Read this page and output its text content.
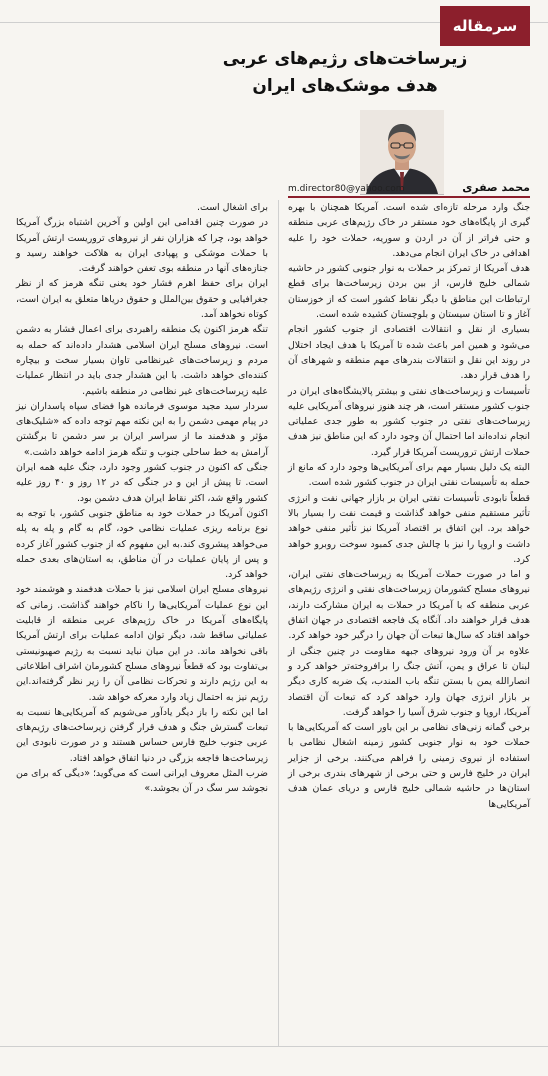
سرمقاله
زیرساخت‌های رژیم‌های عربی
هدف موشک‌های ایران
محمد صفری
m.director80@yahoo.com

جنگ وارد مرحله تازه‌ای شده است. آمریکا همچنان با بهره گیری از پایگاه‌های خود مستقر در خاک رژیم‌های عربی منطقه و حتی فراتر از آن در اردن و سوریه، حملات خود را علیه اهدافی در خاک ایران انجام می‌دهد.

هدف آمریکا از تمرکز بر حملات به نوار جنوبی کشور در حاشیه شمالی خلیج فارس، از بین بردن زیرساخت‌ها برای قطع ارتباطات این مناطق با دیگر نقاط کشور است که از خوزستان آغاز و تا استان سیستان و بلوچستان کشیده شده است.

بسیاری از نقل و انتقالات اقتصادی از جنوب کشور انجام می‌شود و همین امر باعث شده تا آمریکا با هدف ایجاد اختلال در روند این نقل و انتقالات بندرهای مهم منطقه و شهرهای آن را هدف قرار دهد.

تأسیسات و زیرساخت‌های نفتی و بیشتر پالایشگاه‌های ایران در جنوب کشور مستقر است، هر چند هنوز نیروهای آمریکایی علیه زیرساخت‌های نفتی در جنوب کشور به طور جدی عملیاتی انجام نداده‌اند اما احتمال آن وجود دارد که این مناطق نیز هدف حملات ارتش تروریست آمریکا قرار گیرد.

البته یک دلیل بسیار مهم برای آمریکایی‌ها وجود دارد که مانع از حمله به تأسیسات نفتی ایران در جنوب کشور شده است.

قطعاً نابودی تأسیسات نفتی ایران بر بازار جهانی نفت و انرژی تأثیر مستقیم منفی خواهد گذاشت و قیمت نفت را بسیار بالا خواهد برد. این اتفاق بر اقتصاد آمریکا نیز تأثیر منفی خواهد داشت و اروپا را نیز با چالش جدی کمبود سوخت روبرو خواهد کرد.

و اما در صورت حملات آمریکا به زیرساخت‌های نفتی ایران، نیروهای مسلح کشورمان زیرساخت‌های نفتی و انرژی رژیم‌های عربی منطقه که با آمریکا در حملات به ایران مشارکت دارند، هدف قرار خواهند داد. آنگاه یک فاجعه اقتصادی در جهان اتفاق خواهد افتاد که سال‌ها تبعات آن جهان را درگیر خود خواهد کرد.

علاوه بر آن ورود نیروهای جبهه مقاومت در چنین جنگی از لبنان تا عراق و یمن، آتش جنگ را برافروخته‌تر خواهد کرد و انصارالله یمن با بستن تنگه باب المندب، یک ضربه کاری دیگر بر بازار انرژی جهان وارد خواهد کرد که تبعات آن اقتصاد آمریکا، اروپا و جنوب شرق آسیا را خواهد گرفت.

برخی گمانه زنی‌های نظامی بر این باور است که آمریکایی‌ها با حملات خود به نوار جنوبی کشور زمینه اشغال نظامی با استفاده از نیروی زمینی را فراهم می‌کنند. برخی از جزایر ایران در خلیج فارس و حتی برخی از شهرهای بندری برخی از استان‌ها در حاشیه شمالی خلیج فارس و دریای عمان هدف آمریکایی‌ها

برای اشغال است.

در صورت چنین اقدامی این اولین و آخرین اشتباه بزرگ آمریکا خواهد بود، چرا که هزاران نفر از نیروهای تروریست ارتش آمریکا با حملات موشکی و پهپادی ایران به هلاکت خواهند رسید و جنازه‌های آنها در منطقه بوی تعفن خواهند گرفت.

ایران برای حفظ اهرم فشار خود یعنی تنگه هرمز که از نظر جغرافیایی و حقوق بین‌الملل و حقوق دریاها متعلق به ایران است، کوتاه نخواهد آمد.

تنگه هرمز اکنون یک منطقه راهبردی برای اعمال فشار به دشمن است. نیروهای مسلح ایران اسلامی هشدار داده‌اند که حمله به مردم و زیرساخت‌های غیرنظامی تاوان بسیار سخت و بیچاره کننده‌ای خواهد داشت. با این هشدار جدی باید در انتظار عملیات علیه زیرساخت‌های غیر نظامی در منطقه باشیم.

سردار سید مجید موسوی فرمانده هوا فضای سپاه پاسداران نیز در پیام مهمی دشمن را به این نکته مهم توجه داده که «شلیک‌های مؤثر و هدفمند ما از سراسر ایران بر سر دشمن تا برگشتن آرامش به خط ساحلی جنوب و تنگه هرمز ادامه خواهد داشت.»

جنگی که اکنون در جنوب کشور وجود دارد، جنگ علیه همه ایران است. تا پیش از این و در جنگی که در ۱۲ روز و ۴۰ روز علیه کشور واقع شد، اکثر نقاط ایران هدف دشمن بود.

اکنون آمریکا در حملات خود به مناطق جنوبی کشور، با توجه به نوع برنامه ریزی عملیات نظامی خود، گام به گام و پله به پله می‌خواهد پیشروی کند.به این مفهوم که از جنوب کشور آغاز کرده و پس از پایان عملیات در آن مناطق، به استان‌های بعدی حمله خواهد کرد.

نیروهای مسلح ایران اسلامی نیز با حملات هدفمند و هوشمند خود این نوع عملیات آمریکایی‌ها را ناکام خواهند گذاشت. زمانی که پایگاه‌های آمریکا در خاک رژیم‌های عربی منطقه از قابلیت عملیاتی ساقط شد، دیگر توان ادامه عملیات برای ارتش آمریکا باقی نخواهد ماند. در این میان نباید نسبت به رژیم صهیونیستی بی‌تفاوت بود که قطعاً نیروهای مسلح کشورمان اشراف اطلاعاتی به این رژیم دارند و تحرکات نظامی آن را زیر نظر گرفته‌اند.این رژیم نیز به احتمال زیاد وارد معرکه خواهد شد.

اما این نکته را باز دیگر یادآور می‌شویم که آمریکایی‌ها نسبت به تبعات گسترش جنگ و هدف قرار گرفتن زیرساخت‌های رژیم‌های عربی جنوب خلیج فارس حساس هستند و در صورت نابودی این زیرساخت‌ها فاجعه بزرگی در دنیا اتفاق خواهد افتاد.

ضرب المثل معروف ایرانی است که می‌گوید؛ «دیگی که برای من نجوشد سر سگ در آن بجوشد.»
